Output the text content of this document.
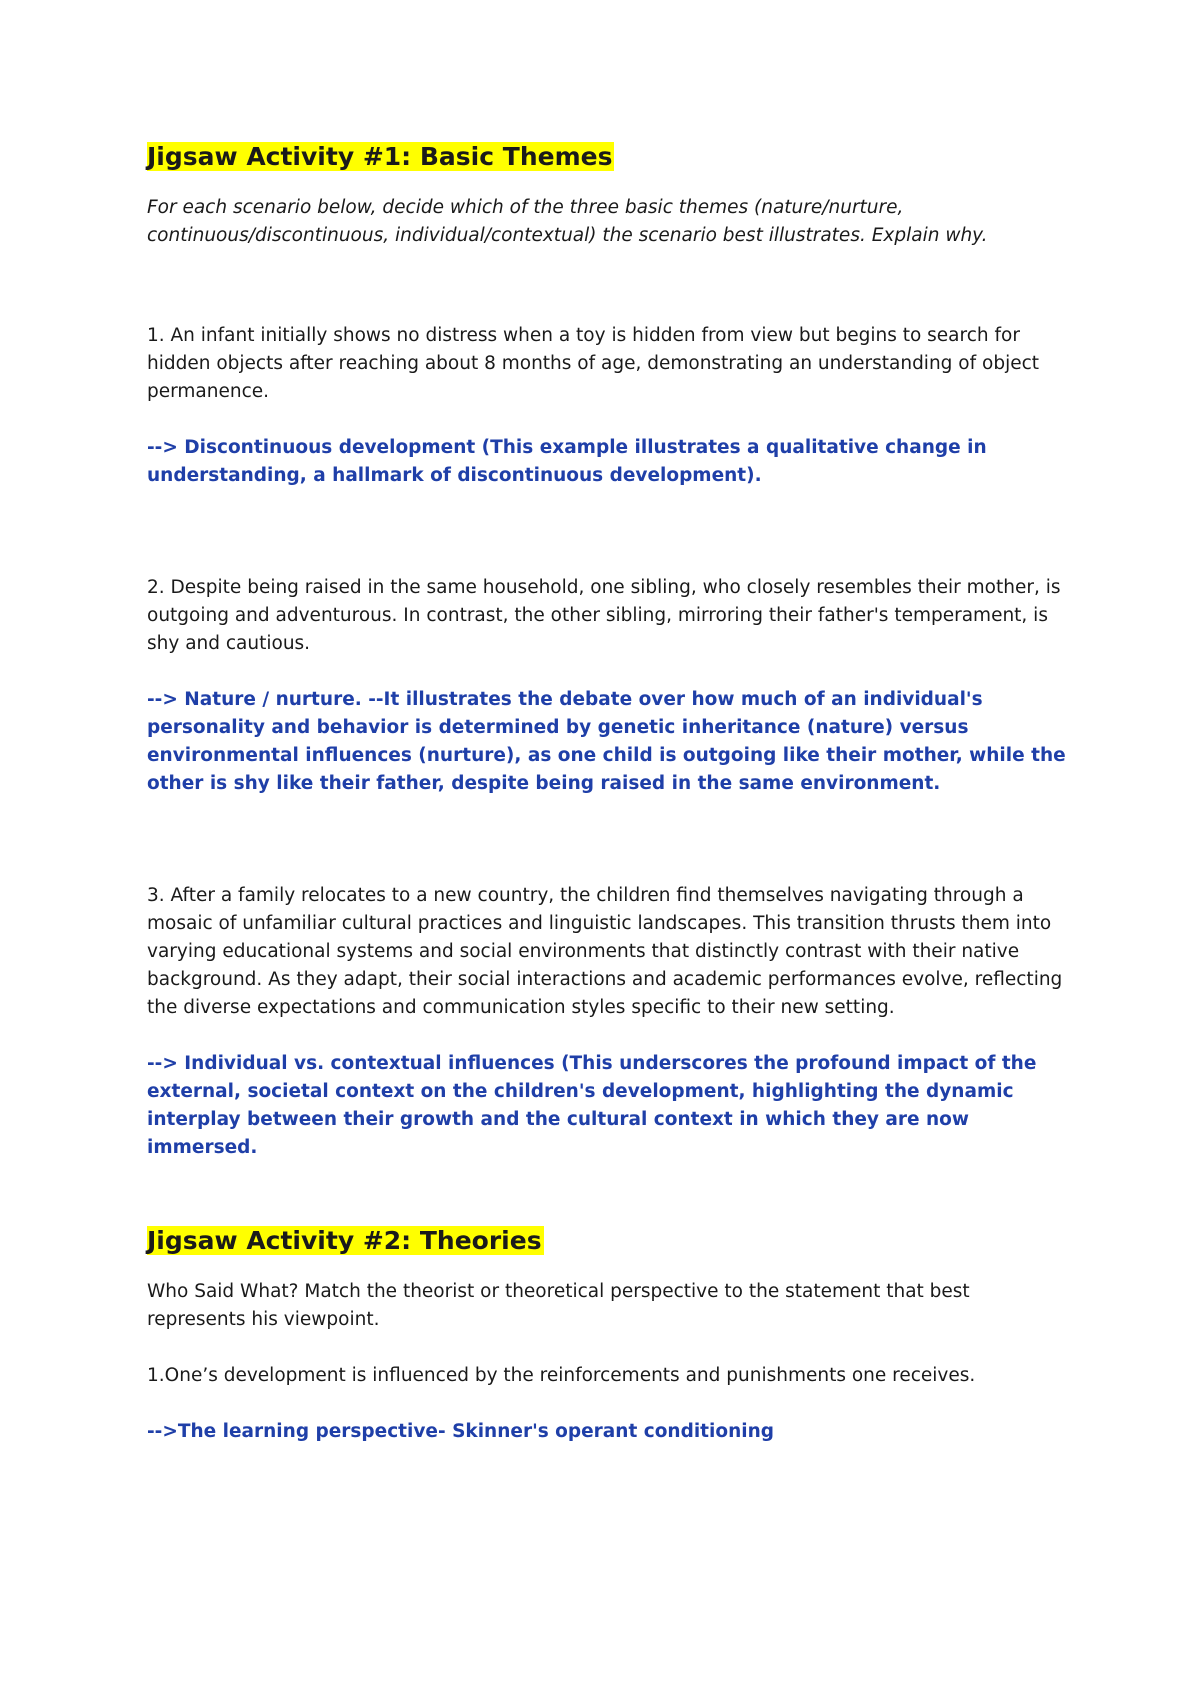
Jigsaw Activity #1: Basic Themes

For each scenario below, decide which of the three basic themes (nature/nurture, continuous/discontinuous, individual/contextual) the scenario best illustrates. Explain why.

1. An infant initially shows no distress when a toy is hidden from view but begins to search for hidden objects after reaching about 8 months of age, demonstrating an understanding of object permanence.

--> Discontinuous development (This example illustrates a qualitative change in understanding, a hallmark of discontinuous development).

2. Despite being raised in the same household, one sibling, who closely resembles their mother, is outgoing and adventurous. In contrast, the other sibling, mirroring their father's temperament, is shy and cautious.

--> Nature / nurture. --It illustrates the debate over how much of an individual's personality and behavior is determined by genetic inheritance (nature) versus environmental influences (nurture), as one child is outgoing like their mother, while the other is shy like their father, despite being raised in the same environment.

3. After a family relocates to a new country, the children find themselves navigating through a mosaic of unfamiliar cultural practices and linguistic landscapes. This transition thrusts them into varying educational systems and social environments that distinctly contrast with their native background. As they adapt, their social interactions and academic performances evolve, reflecting the diverse expectations and communication styles specific to their new setting.

--> Individual vs. contextual influences (This underscores the profound impact of the external, societal context on the children's development, highlighting the dynamic interplay between their growth and the cultural context in which they are now immersed.

Jigsaw Activity #2: Theories

Who Said What? Match the theorist or theoretical perspective to the statement that best represents his viewpoint.

1.One’s development is influenced by the reinforcements and punishments one receives.

-->The learning perspective- Skinner's operant conditioning
